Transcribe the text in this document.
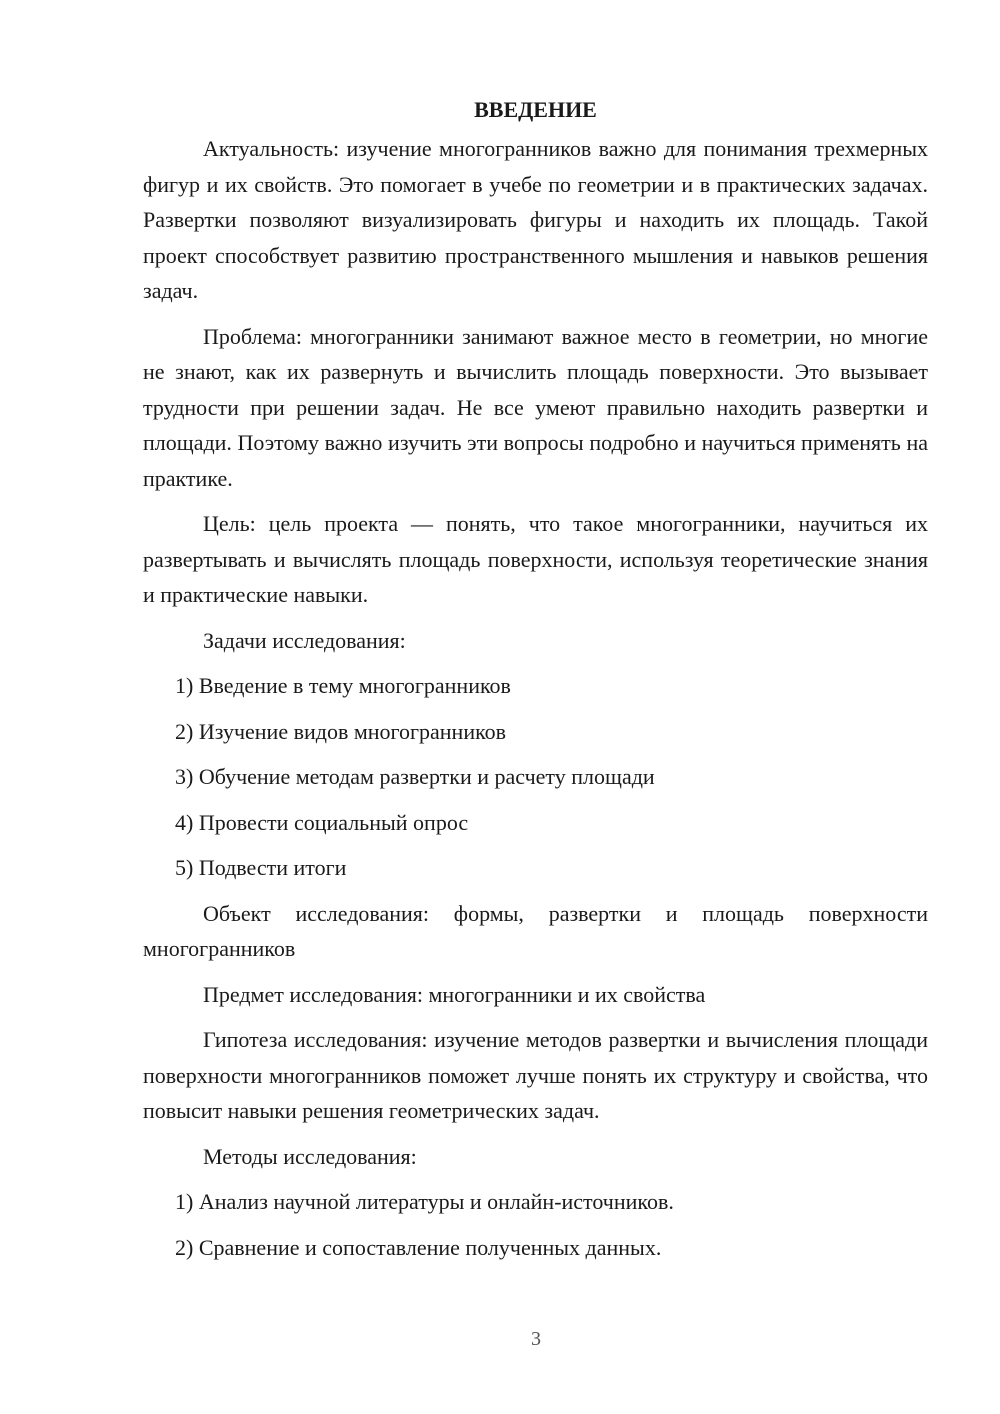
ВВЕДЕНИЕ

Актуальность: изучение многогранников важно для понимания трехмерных фигур и их свойств. Это помогает в учебе по геометрии и в практических задачах. Развертки позволяют визуализировать фигуры и находить их площадь. Такой проект способствует развитию пространственного мышления и навыков решения задач.

Проблема: многогранники занимают важное место в геометрии, но многие не знают, как их развернуть и вычислить площадь поверхности. Это вызывает трудности при решении задач. Не все умеют правильно находить развертки и площади. Поэтому важно изучить эти вопросы подробно и научиться применять на практике.

Цель: цель проекта — понять, что такое многогранники, научиться их развертывать и вычислять площадь поверхности, используя теоретические знания и практические навыки.

Задачи исследования:

1) Введение в тему многогранников
2) Изучение видов многогранников
3) Обучение методам развертки и расчету площади
4) Провести социальный опрос
5) Подвести итоги

Объект исследования: формы, развертки и площадь поверхности многогранников

Предмет исследования: многогранники и их свойства

Гипотеза исследования: изучение методов развертки и вычисления площади поверхности многогранников поможет лучше понять их структуру и свойства, что повысит навыки решения геометрических задач.

Методы исследования:

1) Анализ научной литературы и онлайн-источников.
2) Сравнение и сопоставление полученных данных.
3
